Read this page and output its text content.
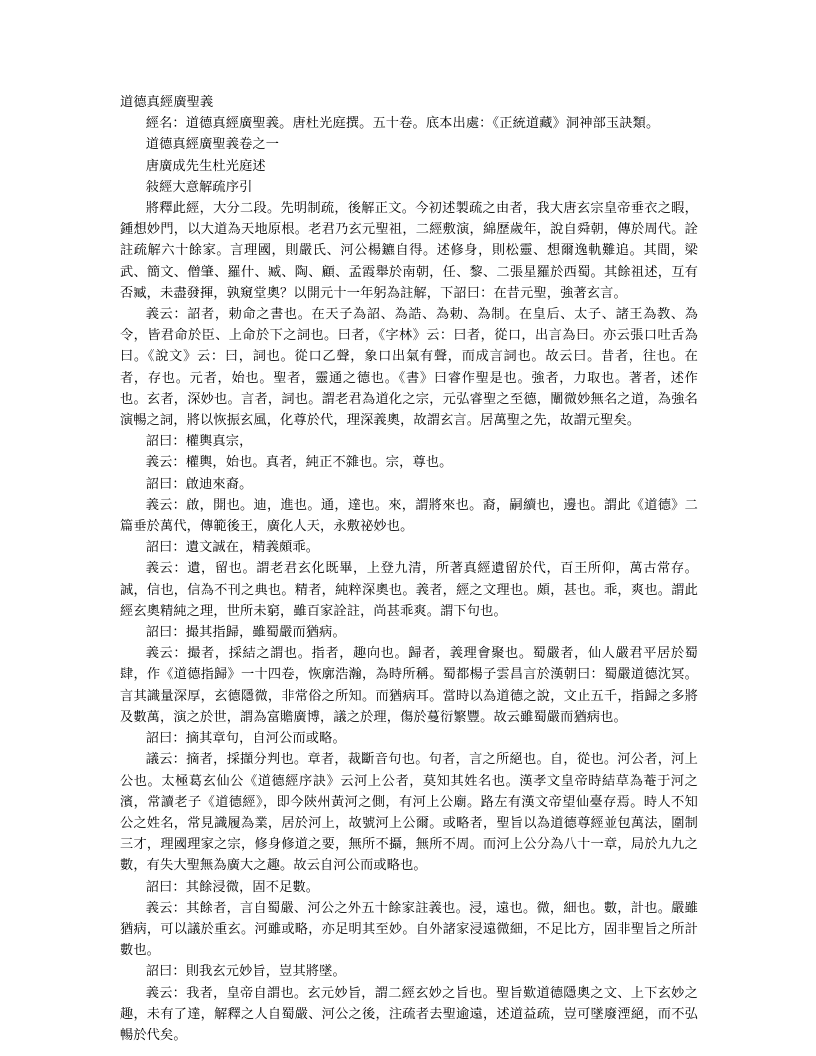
道德真經廣聖義

經名：道德真經廣聖義。唐杜光庭撰。五十卷。底本出處：《正統道藏》洞神部玉訣類。

道德真經廣聖義卷之一

唐廣成先生杜光庭述

敍經大意解疏序引

將釋此經，大分二段。先明制疏，後解正文。今初述製疏之由者，我大唐玄宗皇帝垂衣之暇，鍾想妙門，以大道為天地原根。老君乃玄元聖祖，二經敷演，綿歷歲年，說自舜朝，傳於周代。詮註疏解六十餘家。言理國，則嚴氏、河公楊鑣自得。述修身，則松靈、想爾逸軌難追。其間，梁武、簡文、僧肇、羅什、臧、陶、顧、孟霞舉於南朝，任、黎、二張星羅於西蜀。其餘祖述，互有否臧，未盡發揮，孰窺堂奧？以開元十一年躬為註解，下詔曰：在昔元聖，強著玄言。

義云：詔者，勅命之書也。在天子為詔、為誥、為勅、為制。在皇后、太子、諸王為教、為令，皆君命於臣、上命於下之詞也。曰者，《字林》云：曰者，從口，出言為曰。亦云張口吐舌為曰。《說文》云：曰，詞也。從口乙聲，象口出氣有聲，而成言詞也。故云曰。昔者，往也。在者，存也。元者，始也。聖者，靈通之德也。《書》曰睿作聖是也。強者，力取也。著者，述作也。玄者，深妙也。言者，詞也。謂老君為道化之宗，元弘睿聖之至德，闡微妙無名之道，為強名演暢之詞，將以恢振玄風，化尊於代，理深義奧，故謂玄言。居萬聖之先，故謂元聖矣。

詔曰：權輿真宗，

義云：權輿，始也。真者，純正不雜也。宗，尊也。

詔曰：啟迪來裔。

義云：啟，開也。迪，進也。通，達也。來，謂將來也。裔，嗣續也，邊也。謂此《道德》二篇垂於萬代，傳範後王，廣化人天，永敷祕妙也。

詔曰：遺文誠在，精義頗乖。

義云：遺，留也。謂老君玄化既畢，上登九清，所著真經遺留於代，百王所仰，萬古常存。誠，信也，信為不刊之典也。精者，純粹深奧也。義者，經之文理也。頗，甚也。乖，爽也。謂此經玄奧精純之理，世所未窮，雖百家詮註，尚甚乖爽。謂下句也。

詔曰：撮其指歸，雖蜀嚴而猶病。

義云：撮者，採結之謂也。指者，趣向也。歸者，義理會聚也。蜀嚴者，仙人嚴君平居於蜀肆，作《道德指歸》一十四卷，恢廓浩瀚，為時所稱。蜀都楊子雲昌言於漢朝曰：蜀嚴道德沈冥。言其識量深厚，玄德隱微，非常俗之所知。而猶病耳。當時以為道德之說，文止五千，指歸之多將及數萬，演之於世，謂為富贍廣博，議之於理，傷於蔓衍繁豐。故云雖蜀嚴而猶病也。

詔曰：摘其章句，自河公而或略。

議云：摘者，採擷分判也。章者，裁斷音句也。句者，言之所絕也。自，從也。河公者，河上公也。太極葛玄仙公《道德經序訣》云河上公者，莫知其姓名也。漢孝文皇帝時結草為菴于河之濱，常讀老子《道德經》，即今陝州黃河之側，有河上公廟。路左有漢文帝望仙臺存焉。時人不知公之姓名，常見識履為業，居於河上，故號河上公爾。或略者，聖旨以為道德尊經並包萬法，圍制三才，理國理家之宗，修身修道之要，無所不攝，無所不周。而河上公分為八十一章，局於九九之數，有失大聖無為廣大之趣。故云自河公而或略也。

詔曰：其餘浸微，固不足數。

義云：其餘者，言自蜀嚴、河公之外五十餘家註義也。浸，遠也。微，細也。數，計也。嚴雖猶病，可以議於重玄。河雖或略，亦足明其至妙。自外諸家浸遠微細，不足比方，固非聖旨之所計數也。

詔曰：則我玄元妙旨，豈其將墜。

義云：我者，皇帝自謂也。玄元妙旨，謂二經玄妙之旨也。聖旨歎道德隱奧之文、上下玄妙之趣，未有了達，解釋之人自蜀嚴、河公之後，注疏者去聖逾遠，述道益疏，豈可墜廢湮絕，而不弘暢於代矣。
